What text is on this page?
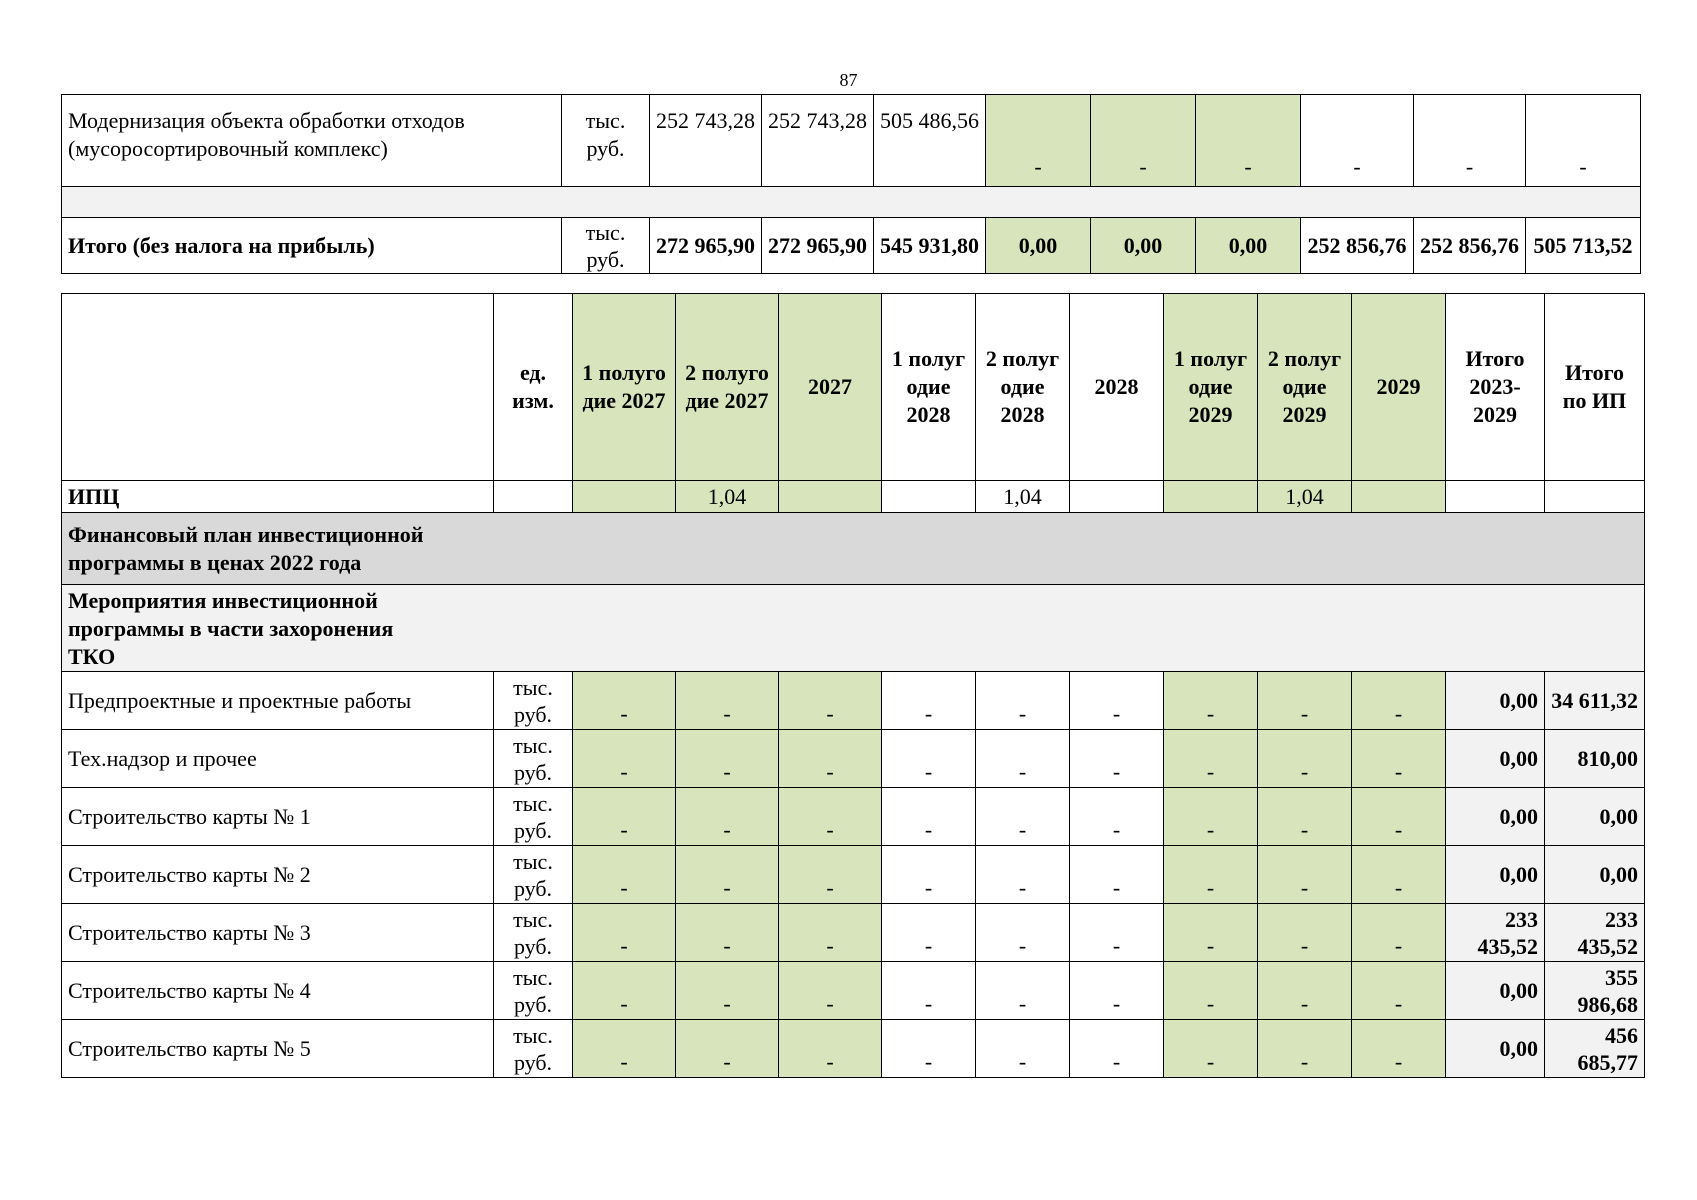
87
Модернизация объекта обработки отходов (мусоросортировочный комплекс)	тыс. руб.	252 743,28	252 743,28	505 486,56	-	-	-	-	-	-

Итого (без налога на прибыль)	тыс. руб.	272 965,90	272 965,90	545 931,80	0,00	0,00	0,00	252 856,76	252 856,76	505 713,52
	ед. изм.	1 полуго дие 2027	2 полуго дие 2027	2027	1 полуг одие 2028	2 полуг одие 2028	2028	1 полуг одие 2029	2 полуг одие 2029	2029	Итого 2023- 2029	Итого по ИП
ИПЦ			1,04			1,04			1,04			

Финансовый план инвестиционной программы в ценах 2022 года												

Мероприятия инвестиционной программы в части захоронения ТКО												

Предпроектные и проектные работы	тыс. руб.	-	-	-	-	-	-	-	-	-	0,00	34 611,32
Тех.надзор и прочее	тыс. руб.	-	-	-	-	-	-	-	-	-	0,00	810,00
Строительство карты № 1	тыс. руб.	-	-	-	-	-	-	-	-	-	0,00	0,00
Строительство карты № 2	тыс. руб.	-	-	-	-	-	-	-	-	-	0,00	0,00
Строительство карты № 3	тыс. руб.	-	-	-	-	-	-	-	-	-	233 435,52	233 435,52
Строительство карты № 4	тыс. руб.	-	-	-	-	-	-	-	-	-	0,00	355 986,68
Строительство карты № 5	тыс. руб.	-	-	-	-	-	-	-	-	-	0,00	456 685,77
